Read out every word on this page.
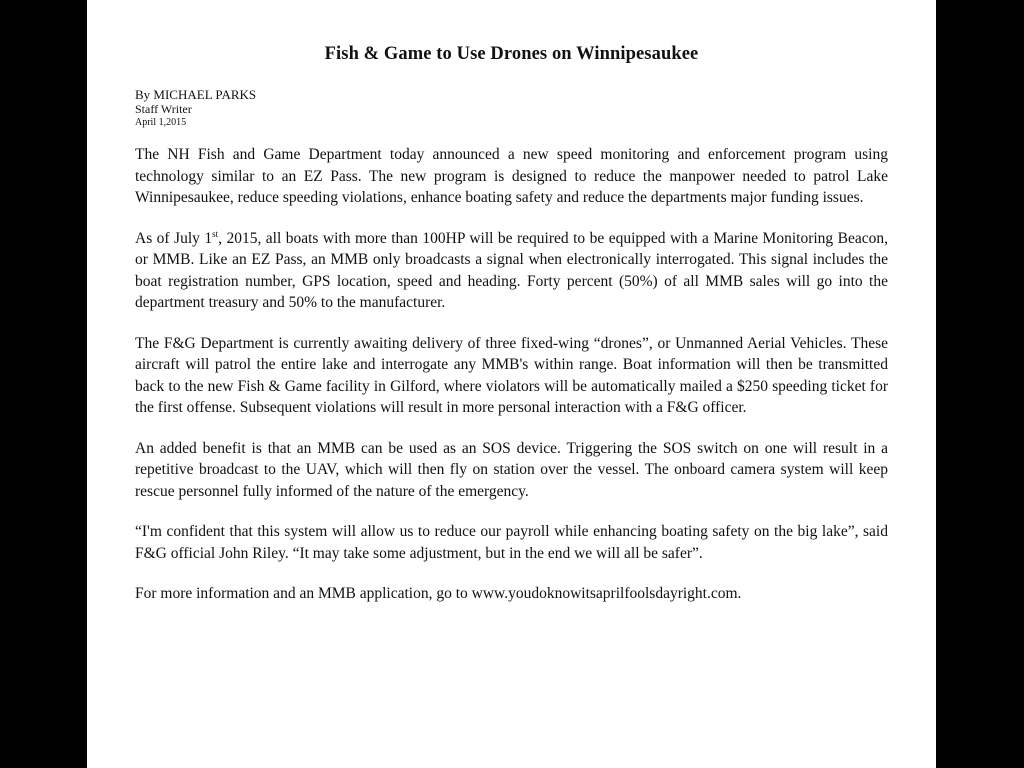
Fish & Game to Use Drones on Winnipesaukee
By MICHAEL PARKS
Staff Writer
April 1,2015

The NH Fish and Game Department today announced a new speed monitoring and enforcement program using technology similar to an EZ Pass. The new program is designed to reduce the manpower needed to patrol Lake Winnipesaukee, reduce speeding violations, enhance boating safety and reduce the departments major funding issues.

As of July 1st, 2015, all boats with more than 100HP will be required to be equipped with a Marine Monitoring Beacon, or MMB. Like an EZ Pass, an MMB only broadcasts a signal when electronically interrogated. This signal includes the boat registration number, GPS location, speed and heading. Forty percent (50%) of all MMB sales will go into the department treasury and 50% to the manufacturer.

The F&G Department is currently awaiting delivery of three fixed-wing “drones”, or Unmanned Aerial Vehicles. These aircraft will patrol the entire lake and interrogate any MMB's within range. Boat information will then be transmitted back to the new Fish & Game facility in Gilford, where violators will be automatically mailed a $250 speeding ticket for the first offense. Subsequent violations will result in more personal interaction with a F&G officer.

An added benefit is that an MMB can be used as an SOS device. Triggering the SOS switch on one will result in a repetitive broadcast to the UAV, which will then fly on station over the vessel. The onboard camera system will keep rescue personnel fully informed of the nature of the emergency.

“I'm confident that this system will allow us to reduce our payroll while enhancing boating safety on the big lake”, said F&G official John Riley. “It may take some adjustment, but in the end we will all be safer”.

For more information and an MMB application, go to www.youdoknowitsaprilfoolsdayright.com.
